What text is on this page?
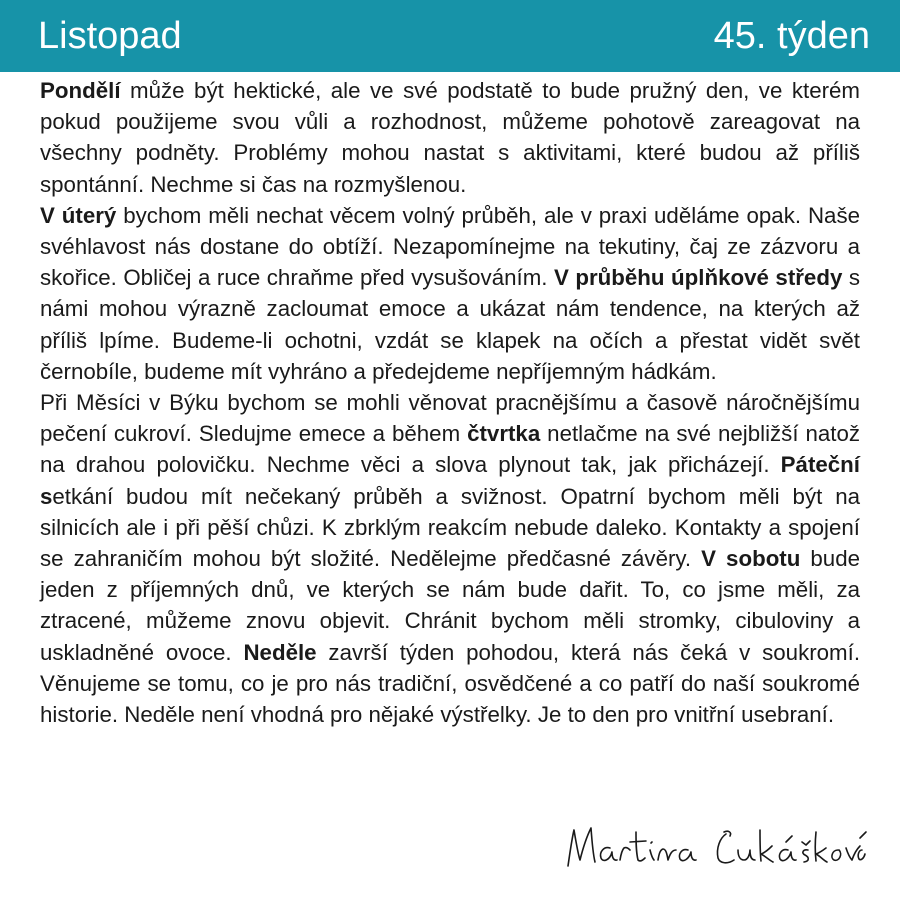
Listopad	45. týden

Pondělí může být hektické, ale ve své podstatě to bude pružný den, ve kterém pokud použijeme svou vůli a rozhodnost, můžeme pohotově zareagovat na všechny podněty. Problémy mohou nastat s aktivitami, které budou až příliš spontánní. Nechme si čas na rozmyšlenou.

V úterý bychom měli nechat věcem volný průběh, ale v praxi uděláme opak. Naše svéhlavost nás dostane do obtíží. Nezapomínejme na tekutiny, čaj ze zázvoru a skořice. Obličej a ruce chraňme před vysušováním. V průběhu úplňkové středy s námi mohou výrazně zacloumat emoce a ukázat nám tendence, na kterých až příliš lpíme. Budeme-li ochotni, vzdát se klapek na očích a přestat vidět svět černobíle, budeme mít vyhráno a předejdeme nepříjemným hádkám.

Při Měsíci v Býku bychom se mohli věnovat pracnějšímu a časově náročnějšímu pečení cukroví. Sledujme emece a během čtvrtka netlačme na své nejbližší natož na drahou polovičku. Nechme věci a slova plynout tak, jak přicházejí. Páteční setkání budou mít nečekaný průběh a svižnost. Opatrní bychom měli být na silnicích ale i při pěší chůzi. K zbrklým reakcím nebude daleko. Kontakty a spojení se zahraničím mohou být složité. Nedělejme předčasné závěry. V sobotu bude jeden z příjemných dnů, ve kterých se nám bude dařit. To, co jsme měli, za ztracené, můžeme znovu objevit. Chránit bychom měli stromky, cibuloviny a uskladněné ovoce. Neděle završí týden pohodou, která nás čeká v soukromí. Věnujeme se tomu, co je pro nás tradiční, osvědčené a co patří do naší soukromé historie. Neděle není vhodná pro nějaké výstřelky. Je to den pro vnitřní usebraní.
